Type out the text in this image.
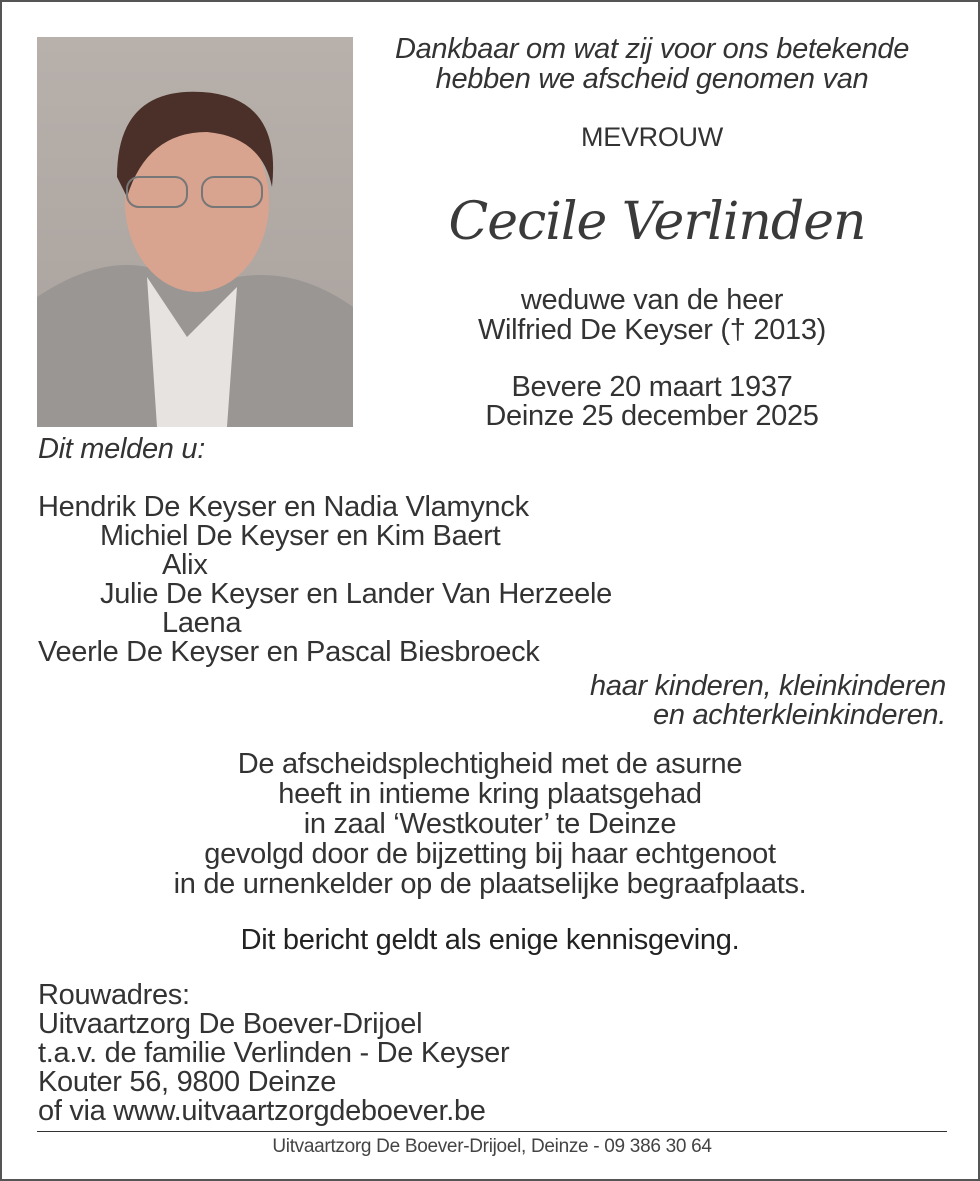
Dankbaar om wat zij voor ons betekende
hebben we afscheid genomen van
MEVROUW
Cecile Verlinden
weduwe van de heer
Wilfried De Keyser († 2013)
Bevere 20 maart 1937
Deinze 25 december 2025
Dit melden u:
Hendrik De Keyser en Nadia Vlamynck
Michiel De Keyser en Kim Baert
Alix
Julie De Keyser en Lander Van Herzeele
Laena
Veerle De Keyser en Pascal Biesbroeck
haar kinderen, kleinkinderen
en achterkleinkinderen.
De afscheidsplechtigheid met de asurne
heeft in intieme kring plaatsgehad
in zaal ‘Westkouter’ te Deinze
gevolgd door de bijzetting bij haar echtgenoot
in de urnenkelder op de plaatselijke begraafplaats.
Dit bericht geldt als enige kennisgeving.
Rouwadres:
Uitvaartzorg De Boever-Drijoel
t.a.v. de familie Verlinden - De Keyser
Kouter 56, 9800 Deinze
of via www.uitvaartzorgdeboever.be
Uitvaartzorg De Boever-Drijoel, Deinze - 09 386 30 64
